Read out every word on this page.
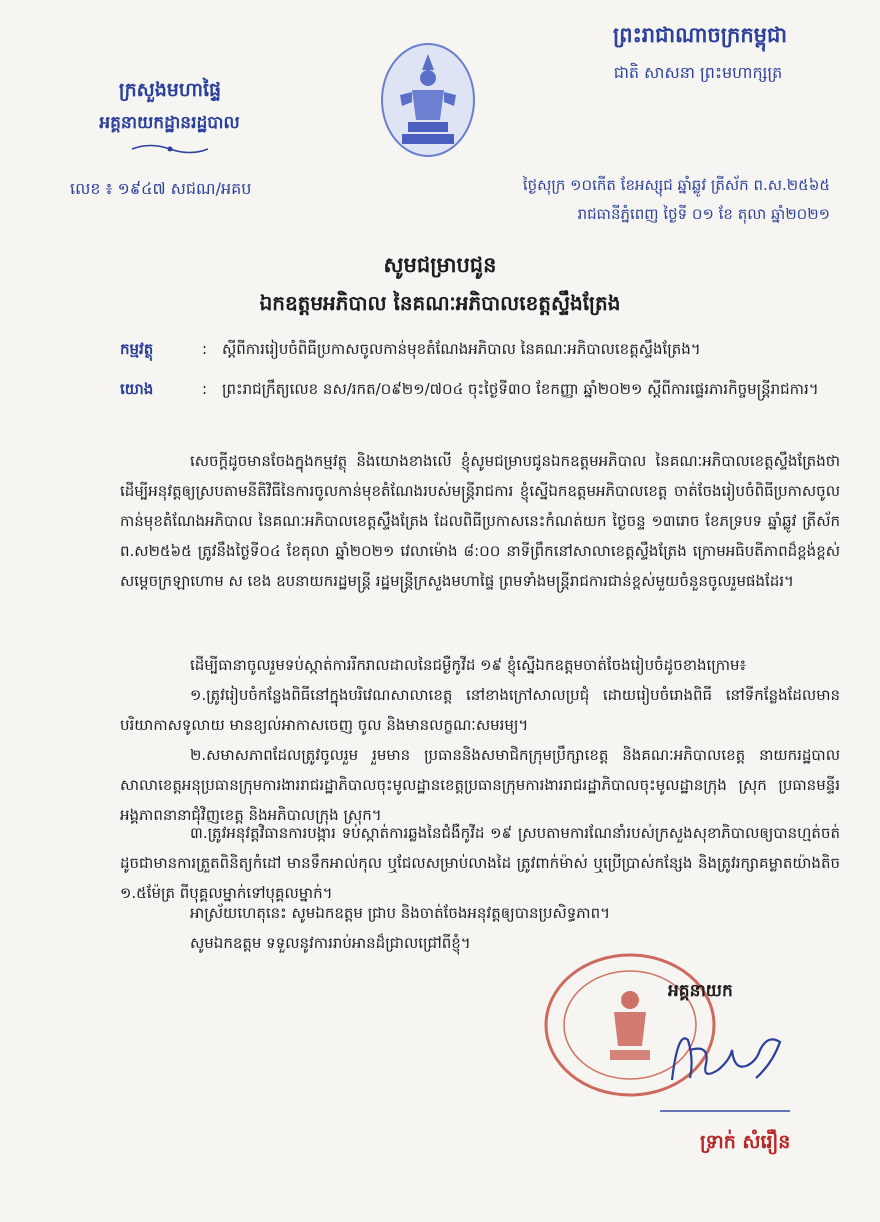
ព្រះរាជាណាចក្រកម្ពុជា
ជាតិ សាសនា ព្រះមហាក្សត្រ
ក្រសួងមហាផ្ទៃ
អគ្គនាយកដ្ឋានរដ្ឋបាល
លេខ ៖ ១៩៤៧ សជណ/អគប	ថ្ងៃសុក្រ ១០កើត ខែអស្សុជ ឆ្នាំឆ្លូវ ត្រីស័ក ព.ស.២៥៦៥
រាជធានីភ្នំពេញ ថ្ងៃទី ០១ ខែ តុលា ឆ្នាំ២០២១
សូមជម្រាបជូន
ឯកឧត្តមអភិបាល នៃគណៈអភិបាលខេត្តស្ទឹងត្រែង
កម្មវត្ថុ	: ស្តីពីការរៀបចំពិធីប្រកាសចូលកាន់មុខតំណែងអភិបាល នៃគណៈអភិបាលខេត្តស្ទឹងត្រែង។
យោង	: ព្រះរាជក្រឹត្យលេខ នស/រកត/០៩២១/៧០៤ ចុះថ្ងៃទី៣០ ខែកញ្ញា ឆ្នាំ២០២១ ស្តីពីការផ្ទេរភារកិច្ចមន្ត្រីរាជការ។
សេចក្តីដូចមានចែងក្នុងកម្មវត្ថុ និងយោងខាងលើ ខ្ញុំសូមជម្រាបជូនឯកឧត្តមអភិបាល នៃគណៈអភិបាលខេត្តស្ទឹងត្រែងថា ដើម្បីអនុវត្តឲ្យស្របតាមនីតិវិធីនៃការចូលកាន់មុខតំណែងរបស់មន្ត្រីរាជការ ខ្ញុំស្នើឯកឧត្តមអភិបាលខេត្ត ចាត់ចែងរៀបចំពិធីប្រកាសចូលកាន់មុខតំណែងអភិបាល នៃគណៈអភិបាលខេត្តស្ទឹងត្រែង ដែលពិធីប្រកាសនេះកំណត់យក ថ្ងៃចន្ទ ១៣រោច ខែភទ្របទ ឆ្នាំឆ្លូវ ត្រីស័ក ព.ស២៥៦៥ ត្រូវនឹងថ្ងៃទី០៤ ខែតុលា ឆ្នាំ២០២១ វេលាម៉ោង ៨:០០ នាទីព្រឹកនៅសាលាខេត្តស្ទឹងត្រែង ក្រោមអធិបតីភាពដ៏ខ្ពង់ខ្ពស់ សម្តេចក្រឡាហោម ស ខេង ឧបនាយករដ្ឋមន្ត្រី រដ្ឋមន្ត្រីក្រសួងមហាផ្ទៃ ព្រមទាំងមន្ត្រីរាជការជាន់ខ្ពស់មួយចំនួនចូលរួមផងដែរ។
ដើម្បីធានាចូលរួមទប់ស្កាត់ការរីករាលដាលនៃជម្ងឺកូវីដ ១៩ ខ្ញុំស្នើឯកឧត្តមចាត់ចែងរៀបចំដូចខាងក្រោម៖
១.ត្រូវរៀបចំកន្លែងពិធីនៅក្នុងបរិវេណសាលាខេត្ត នៅខាងក្រៅសាលប្រជុំ ដោយរៀបចំរោងពិធី នៅទីកន្លែងដែលមានបរិយាកាសទូលាយ មានខ្យល់អាកាសចេញ ចូល និងមានលក្ខណៈសមរម្យ។
២.សមាសភាពដែលត្រូវចូលរួម រួមមាន ប្រធាននិងសមាជិកក្រុមប្រឹក្សាខេត្ត និងគណៈអភិបាលខេត្ត នាយករដ្ឋបាលសាលាខេត្តអនុប្រធានក្រុមការងាររាជរដ្ឋាភិបាលចុះមូលដ្ឋានខេត្តប្រធានក្រុមការងាររាជរដ្ឋាភិបាលចុះមូលដ្ឋានក្រុង ស្រុក ប្រធានមន្ទីរ អង្គភាពនានាជុំវិញខេត្ត និងអភិបាលក្រុង ស្រុក។
៣.ត្រូវអនុវត្តវិធានការបង្ការ ទប់ស្កាត់ការឆ្លងនៃជំងឺកូវីដ ១៩ ស្របតាមការណែនាំរបស់ក្រសួងសុខាភិបាលឲ្យបានហ្មត់ចត់ដូចជាមានការត្រួតពិនិត្យកំដៅ មានទឹកអាល់កុល ឬជែលសម្រាប់លាងដៃ ត្រូវពាក់ម៉ាស់ ឬប្រើប្រាស់កន្សែង និងត្រូវរក្សាគម្លាតយ៉ាងតិច ១.៥ម៉ែត្រ ពីបុគ្គលម្នាក់ទៅបុគ្គលម្នាក់។
អាស្រ័យហេតុនេះ សូមឯកឧត្តម ជ្រាប និងចាត់ចែងអនុវត្តឲ្យបានប្រសិទ្ធភាព។
សូមឯកឧត្តម ទទួលនូវការរាប់អានដ៏ជ្រាលជ្រៅពីខ្ញុំ។
អគ្គនាយក
ទ្រាក់ សំរឿន
